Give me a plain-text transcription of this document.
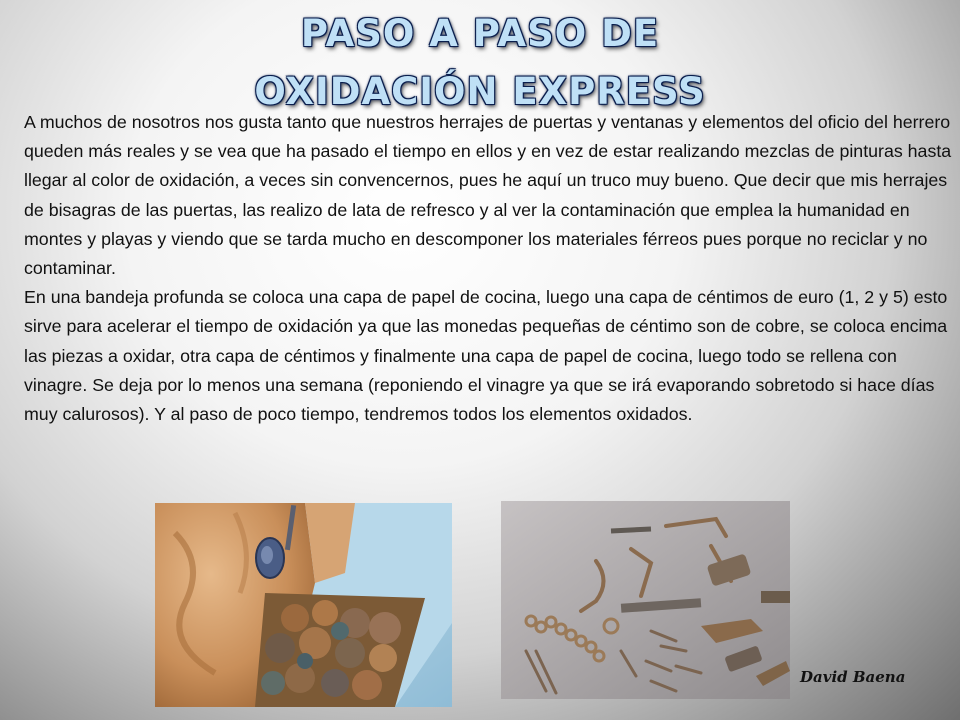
PASO A PASO DE
OXIDACIÓN EXPRESS

A muchos de nosotros nos gusta tanto que nuestros herrajes de puertas y ventanas y elementos del oficio del herrero queden más reales y se vea que ha pasado el tiempo en ellos y en vez de estar realizando mezclas de pinturas hasta llegar al color de oxidación, a veces sin convencernos, pues he aquí un truco muy bueno. Que decir que mis herrajes de bisagras de las puertas, las realizo de lata de refresco y al ver la contaminación que emplea la humanidad en montes y playas y viendo que se tarda mucho en descomponer los materiales férreos pues porque no reciclar y no contaminar.

En una bandeja profunda se coloca una capa de papel de cocina, luego una capa de céntimos de euro (1, 2 y 5) esto sirve para acelerar el tiempo de oxidación ya que las monedas pequeñas de céntimo son de cobre, se coloca encima las piezas a oxidar, otra capa de céntimos y finalmente una capa de papel de cocina, luego todo se rellena con vinagre. Se deja por lo menos una semana (reponiendo el vinagre ya que se irá evaporando sobretodo si hace días muy calurosos). Y al paso de poco tiempo, tendremos todos los elementos oxidados.

David Baena
